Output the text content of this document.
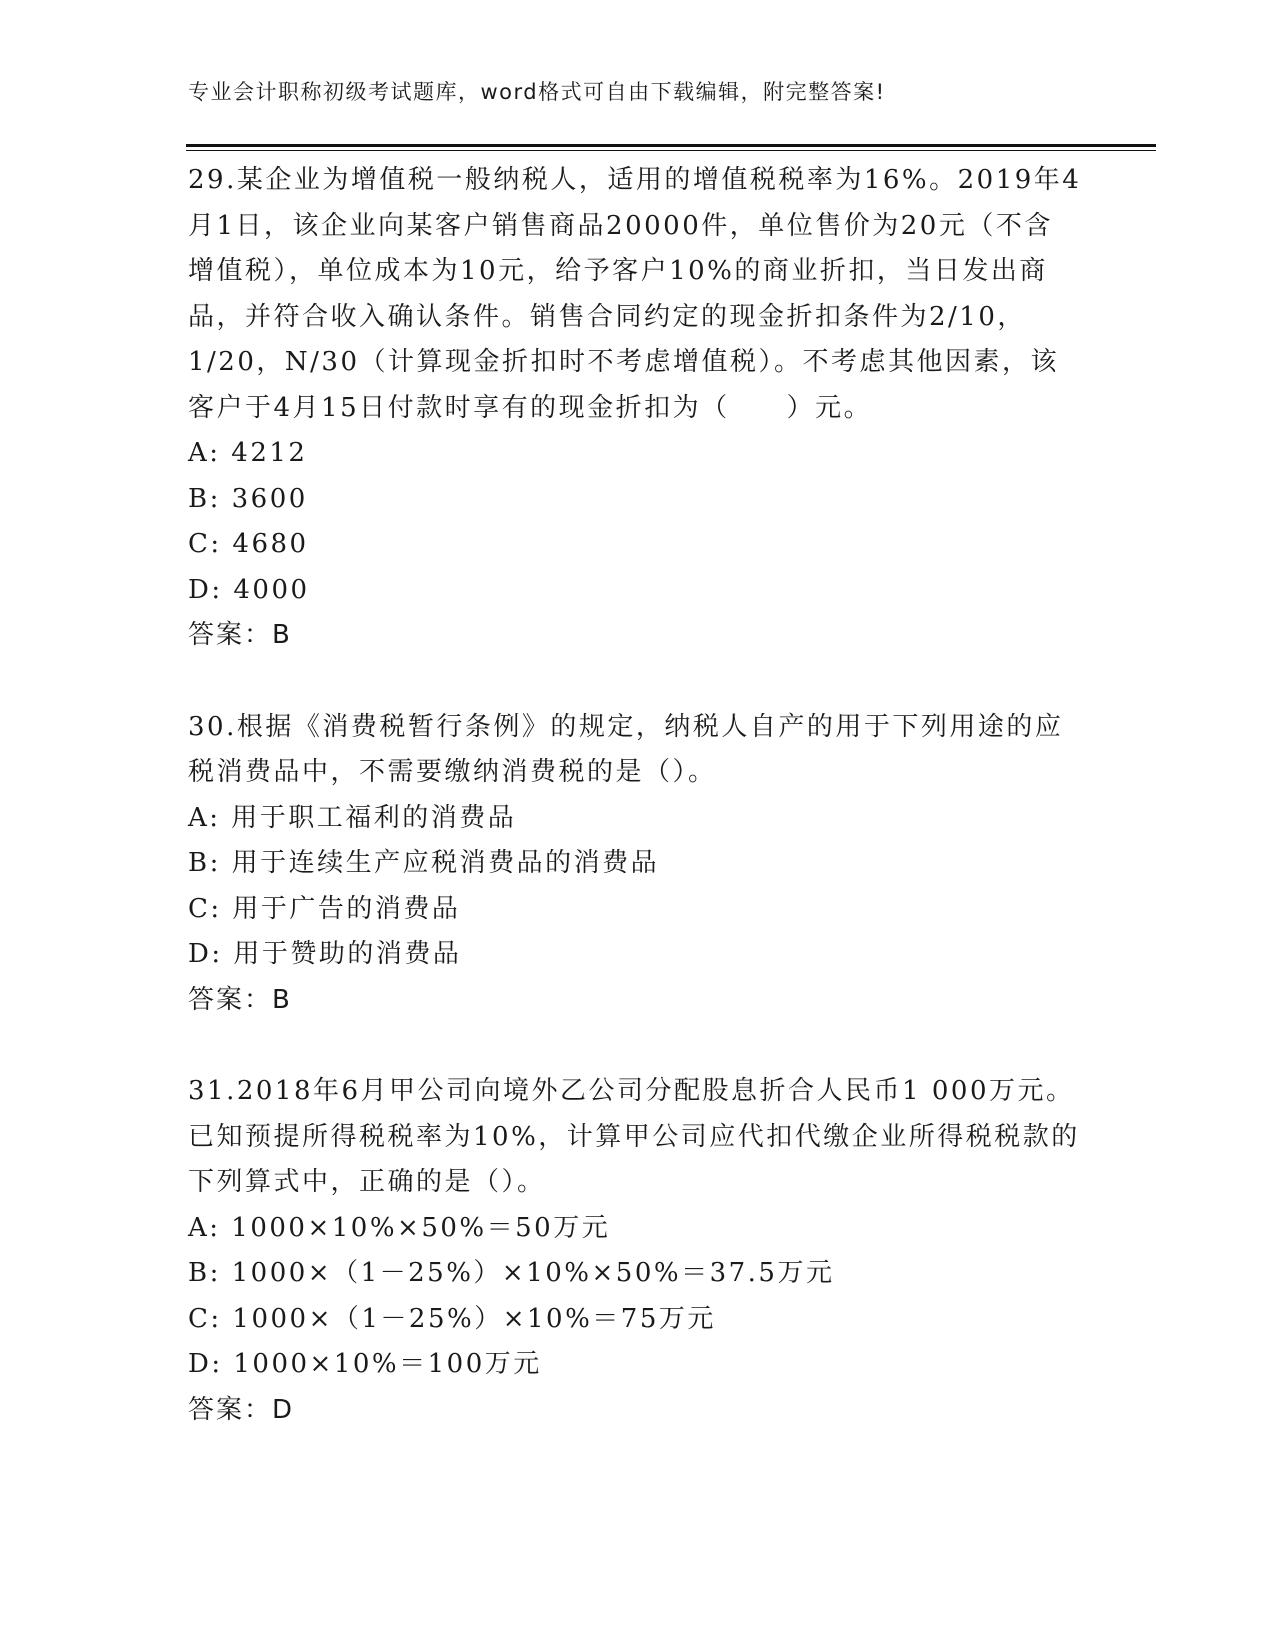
专业会计职称初级考试题库，word格式可自由下载编辑，附完整答案!
29.某企业为增值税一般纳税人，适用的增值税税率为16%。2019年4
月1日，该企业向某客户销售商品20000件，单位售价为20元（不含
增值税），单位成本为10元，给予客户10%的商业折扣，当日发出商
品，并符合收入确认条件。销售合同约定的现金折扣条件为2/10，
1/20，N/30（计算现金折扣时不考虑增值税）。不考虑其他因素，该
客户于4月15日付款时享有的现金折扣为（　　）元。
A: 4212
B: 3600
C: 4680
D: 4000
答案：B
30.根据《消费税暂行条例》的规定，纳税人自产的用于下列用途的应
税消费品中，不需要缴纳消费税的是（）。
A: 用于职工福利的消费品
B: 用于连续生产应税消费品的消费品
C: 用于广告的消费品
D: 用于赞助的消费品
答案：B
31.2018年6月甲公司向境外乙公司分配股息折合人民币1 000万元。
已知预提所得税税率为10%，计算甲公司应代扣代缴企业所得税税款的
下列算式中，正确的是（）。
A: 1000×10%×50%＝50万元
B: 1000×（1－25%）×10%×50%＝37.5万元
C: 1000×（1－25%）×10%＝75万元
D: 1000×10%＝100万元
答案：D
